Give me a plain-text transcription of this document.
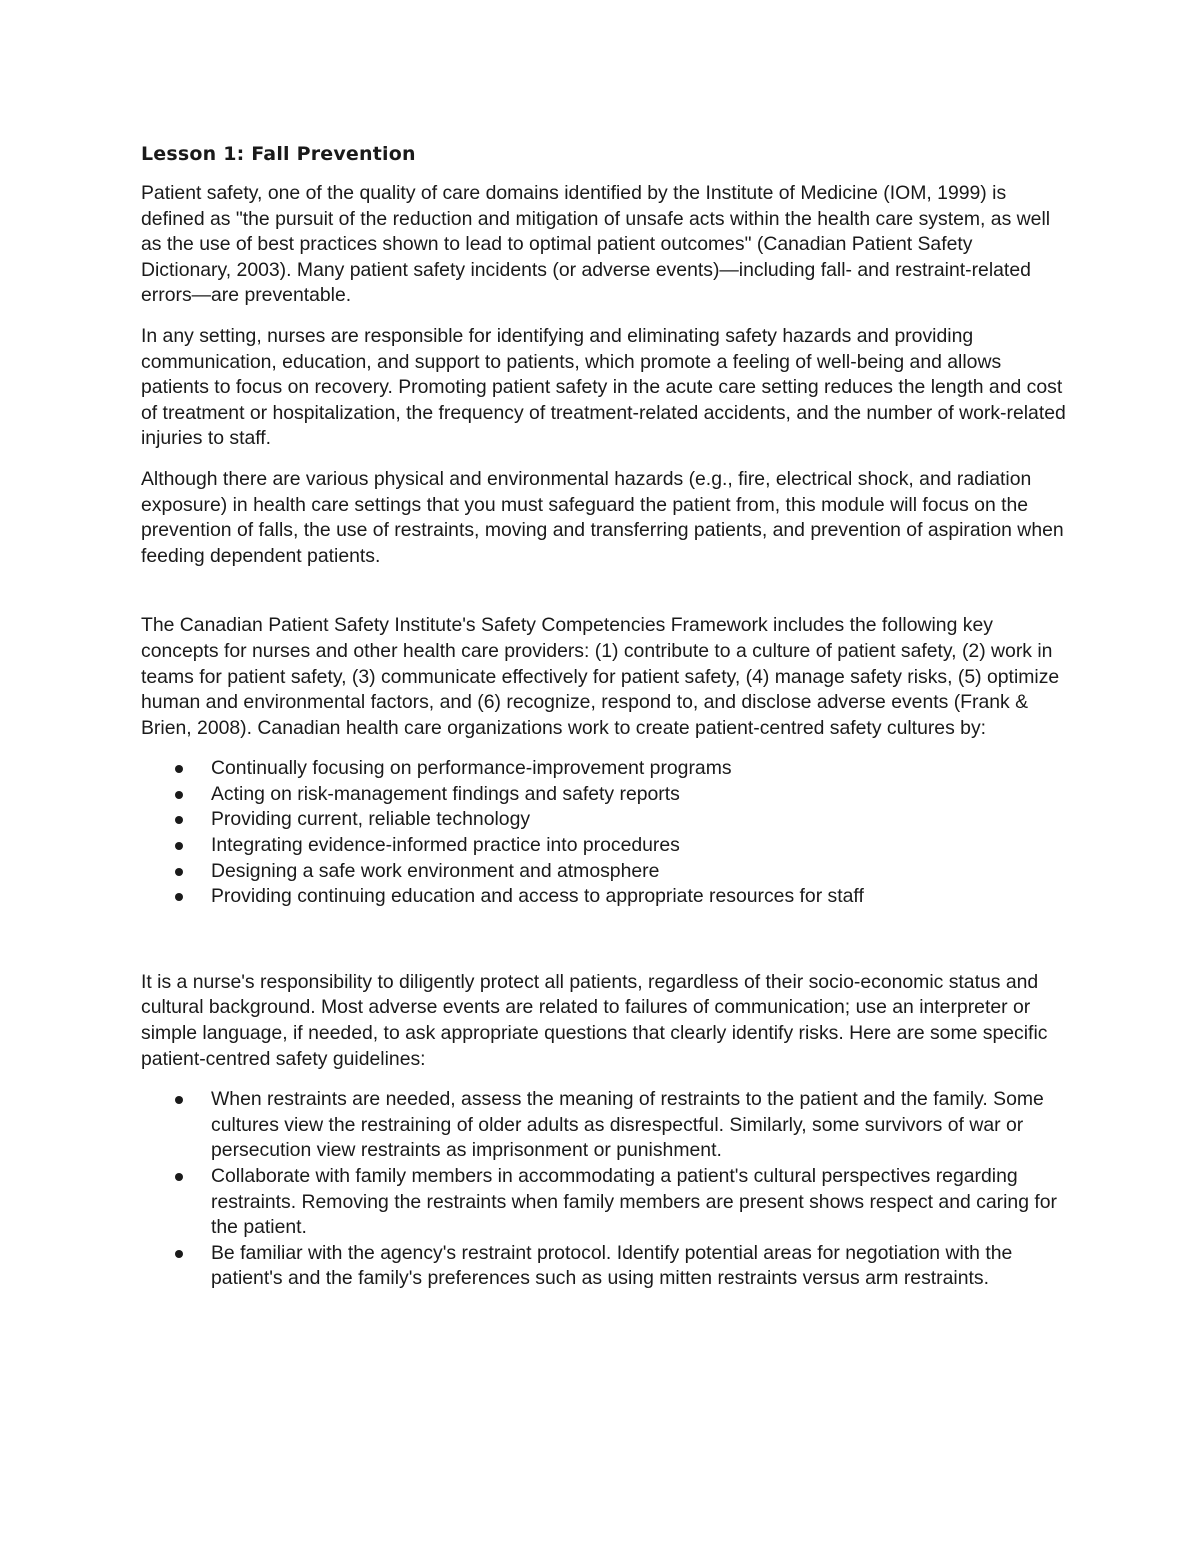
Lesson 1: Fall Prevention

Patient safety, one of the quality of care domains identified by the Institute of Medicine (IOM, 1999) is defined as "the pursuit of the reduction and mitigation of unsafe acts within the health care system, as well as the use of best practices shown to lead to optimal patient outcomes" (Canadian Patient Safety Dictionary, 2003). Many patient safety incidents (or adverse events)—including fall- and restraint-related errors—are preventable.

In any setting, nurses are responsible for identifying and eliminating safety hazards and providing communication, education, and support to patients, which promote a feeling of well-being and allows patients to focus on recovery. Promoting patient safety in the acute care setting reduces the length and cost of treatment or hospitalization, the frequency of treatment-related accidents, and the number of work-related injuries to staff.

Although there are various physical and environmental hazards (e.g., fire, electrical shock, and radiation exposure) in health care settings that you must safeguard the patient from, this module will focus on the prevention of falls, the use of restraints, moving and transferring patients, and prevention of aspiration when feeding dependent patients.

The Canadian Patient Safety Institute's Safety Competencies Framework includes the following key concepts for nurses and other health care providers: (1) contribute to a culture of patient safety, (2) work in teams for patient safety, (3) communicate effectively for patient safety, (4) manage safety risks, (5) optimize human and environmental factors, and (6) recognize, respond to, and disclose adverse events (Frank & Brien, 2008). Canadian health care organizations work to create patient-centred safety cultures by:

Continually focusing on performance-improvement programs
Acting on risk-management findings and safety reports
Providing current, reliable technology
Integrating evidence-informed practice into procedures
Designing a safe work environment and atmosphere
Providing continuing education and access to appropriate resources for staff

It is a nurse's responsibility to diligently protect all patients, regardless of their socio-economic status and cultural background. Most adverse events are related to failures of communication; use an interpreter or simple language, if needed, to ask appropriate questions that clearly identify risks. Here are some specific patient-centred safety guidelines:

When restraints are needed, assess the meaning of restraints to the patient and the family. Some cultures view the restraining of older adults as disrespectful. Similarly, some survivors of war or persecution view restraints as imprisonment or punishment.
Collaborate with family members in accommodating a patient's cultural perspectives regarding restraints. Removing the restraints when family members are present shows respect and caring for the patient.
Be familiar with the agency's restraint protocol. Identify potential areas for negotiation with the patient's and the family's preferences such as using mitten restraints versus arm restraints.
